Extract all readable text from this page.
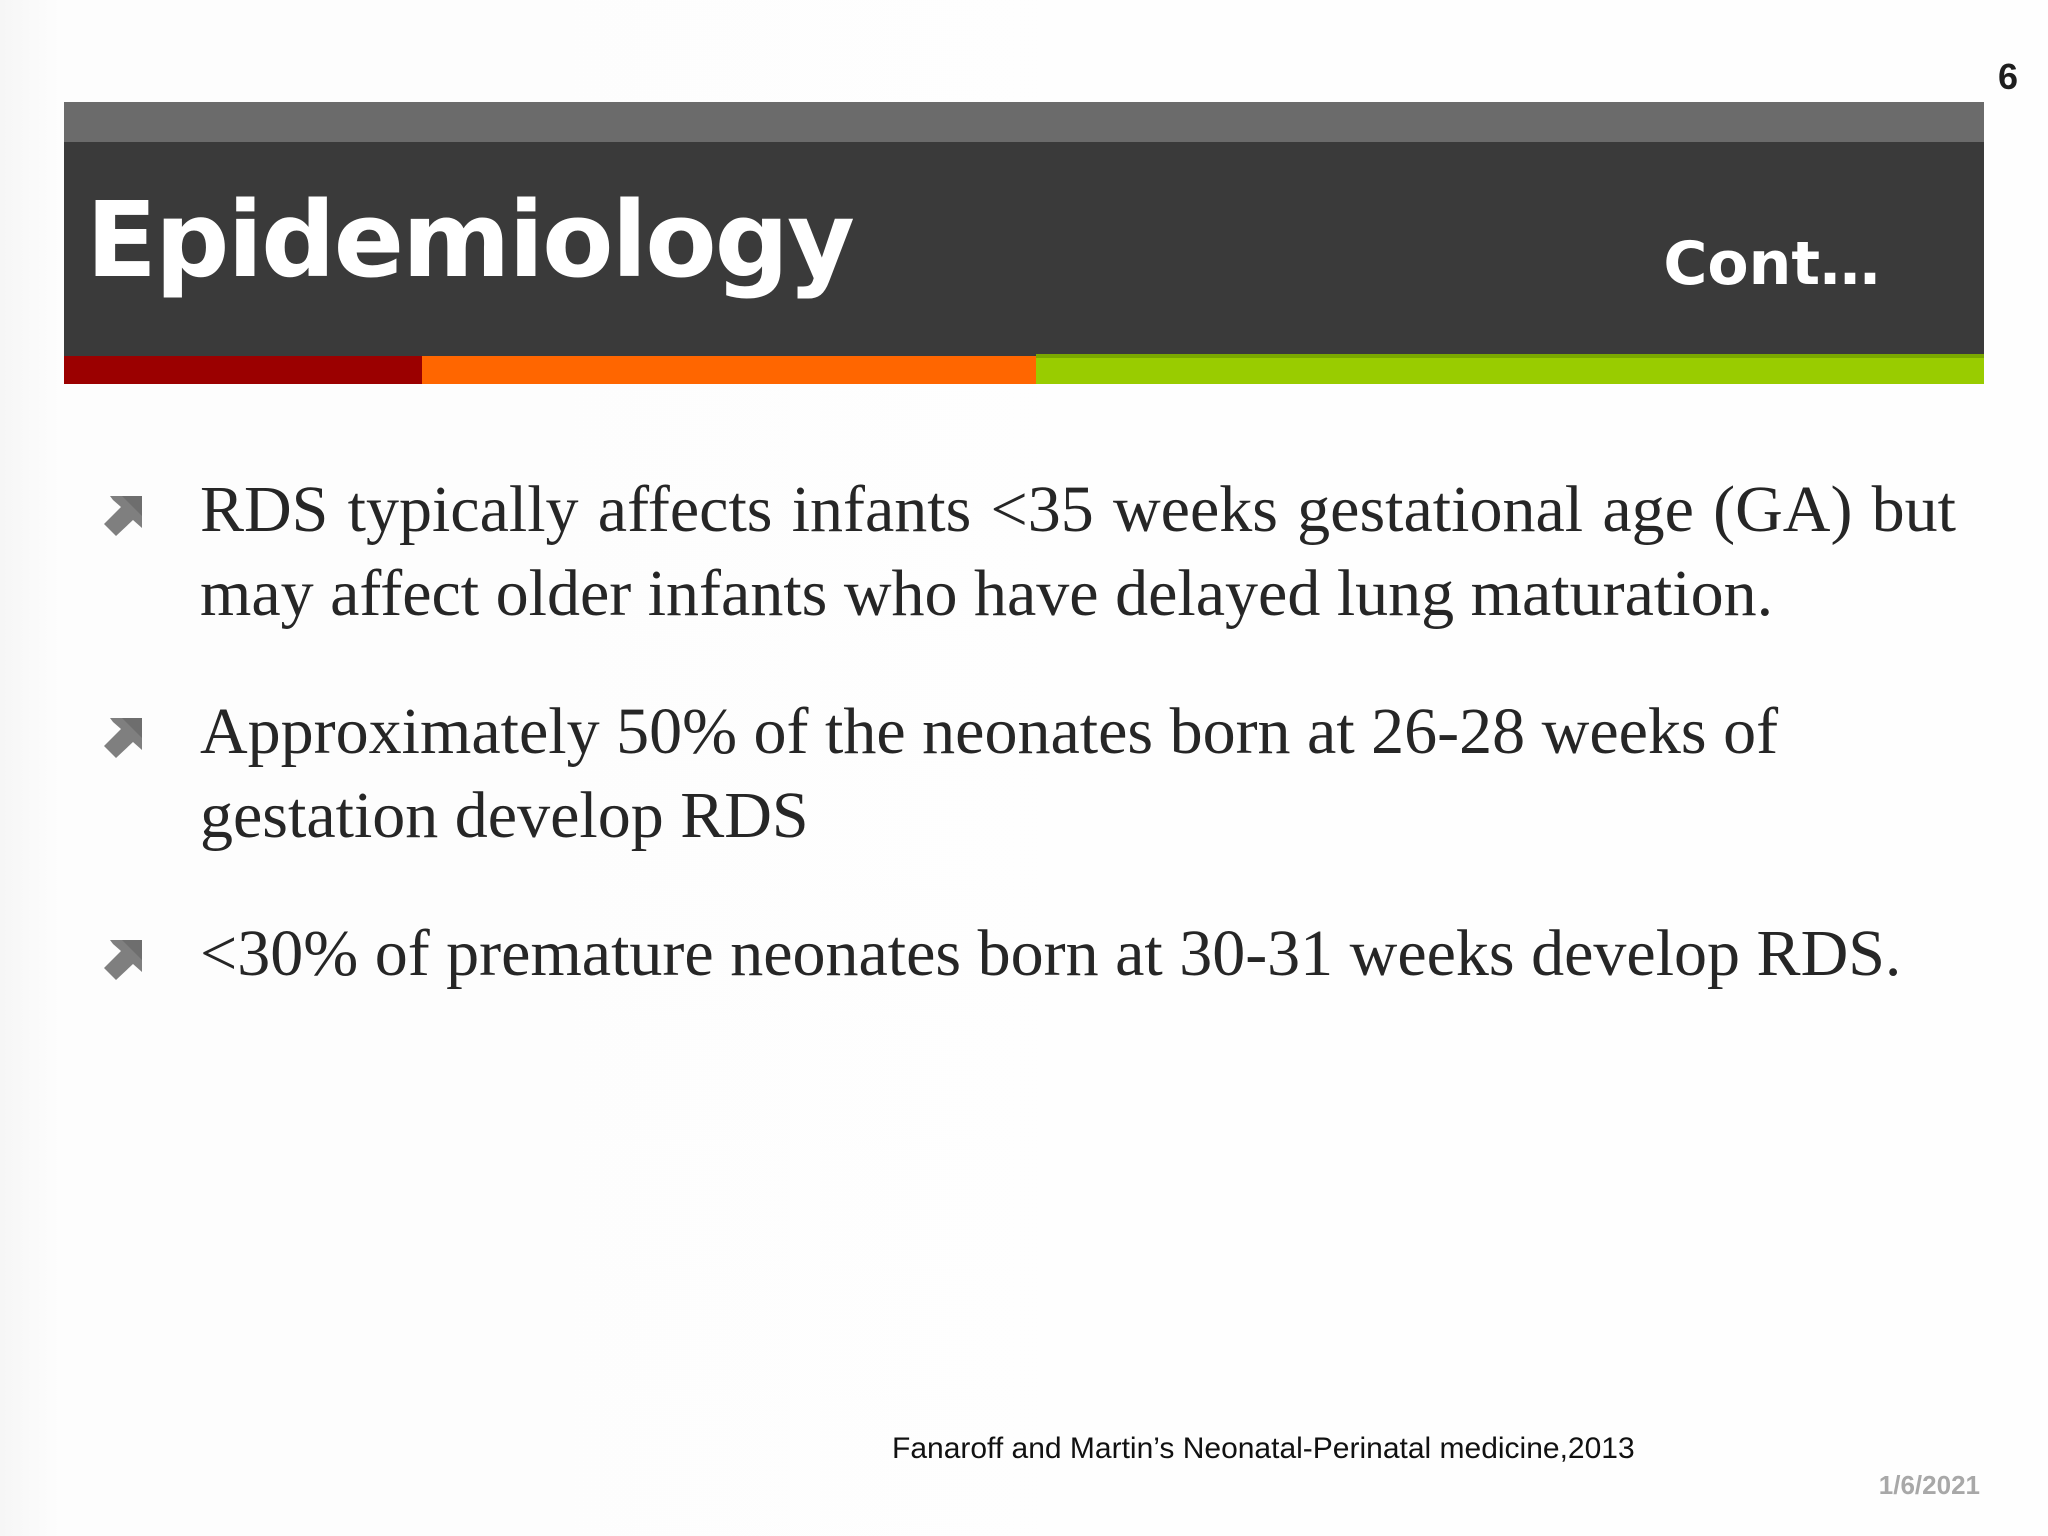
6
Epidemiology	Cont…

RDS typically affects infants <35 weeks gestational age (GA) but may affect older infants who have delayed lung maturation.

Approximately 50% of the neonates born at 26-28 weeks of gestation develop RDS

<30% of premature neonates born at 30-31 weeks develop RDS.

Fanaroff and Martin’s Neonatal-Perinatal medicine,2013
1/6/2021
